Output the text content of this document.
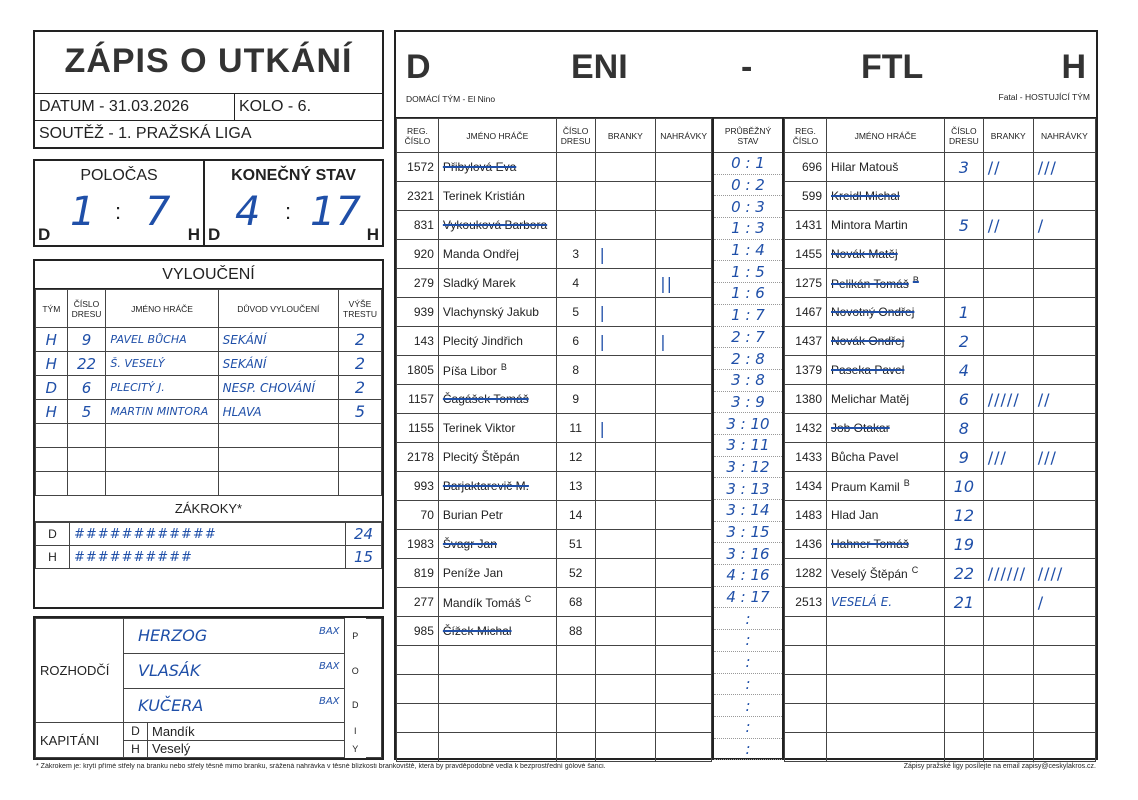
ZÁPIS O UTKÁNÍ
DATUM - 31.03.2026	KOLO - 6.
SOUTĚŽ - 1. PRAŽSKÁ LIGA
POLOČAS
D 1 : 7 H
KONEČNÝ STAV
D 4 : 17 H
VYLOUČENÍ
TÝM	ČÍSLO DRESU	JMÉNO HRÁČE	DŮVOD VYLOUČENÍ	VÝŠE TRESTU
H	9	PAVEL BŮCHA	SEKÁNÍ	2
H	22	Š. VESELÝ	SEKÁNÍ	2
D	6	PLECITÝ J.	NESP. CHOVÁNÍ	2
H	5	MARTIN MINTORA	HLAVA	5

ZÁKROKY*
D	############	24
H	##########	15
ROZHODČÍ	HERZOG BAX		P	
	VLASÁK BAX		O	
	KUČERA BAX		D	
KAPITÁNI	D	Mandík	I	
	H	Veselý	Y	
D	ENI	-	FTL	H
DOMÁCÍ TÝM - El Nino	Fatal - HOSTUJÍCÍ TÝM
REG. ČÍSLO	JMÉNO HRÁČE	ČÍSLO DRESU	BRANKY	NAHRÁVKY
1572	Přibylová Eva			
2321	Terinek Kristián			
831	Vykouková Barbora			
920	Manda Ondřej	3	|	
279	Sladký Marek	4		||
939	Vlachynský Jakub	5	|	
143	Plecitý Jindřich	6	|	|
1805	Píša Libor $^B$	8		
1157	Čagášek Tomáš	9		
1155	Terinek Viktor	11	|	
2178	Plecitý Štěpán	12		
993	Barjaktarevič M.	13		
70	Burian Petr	14		
1983	Švagr Jan	51		
819	Peníže Jan	52		
277	Mandík Tomáš $^C$	68		
985	Čížek Michal	88		

PRŮBĚŽNÝ STAV
0 : 1
0 : 2
0 : 3
1 : 3
1 : 4
1 : 5
1 : 6
1 : 7
2 : 7
2 : 8
3 : 8
3 : 9
3 : 10
3 : 11
3 : 12
3 : 13
3 : 14
3 : 15
3 : 16
4 : 16
4 : 17
:
:
:
:
:
:
:
REG. ČÍSLO	JMÉNO HRÁČE	ČÍSLO DRESU	BRANKY	NAHRÁVKY
696	Hilar Matouš	3	//	///
599	Kreidl Michal			
1431	Mintora Martin	5	//	/
1455	Novák Matěj			
1275	Pelikán Tomáš $^B$			
1467	Novotný Ondřej	1		
1437	Novák Ondřej	2		
1379	Paseka Pavel	4		
1380	Melichar Matěj	6	/////	//
1432	Job Otakar	8		
1433	Bůcha Pavel	9	///	///
1434	Praum Kamil $^B$	10		
1483	Hlad Jan	12		
1436	Hahner Tomáš	19		
1282	Veselý Štěpán $^C$	22	//////	////
2513	VESELÁ E.	21		/

* Zákrokem je: krytí přímé střely na branku nebo střely těsně mimo branku, srážená nahrávka v těsné blízkosti brankoviště, která by pravděpodobně vedla k bezprostřední gólové šanci.	Zápisy pražské ligy posílejte na email zapisy@ceskylakros.cz.
